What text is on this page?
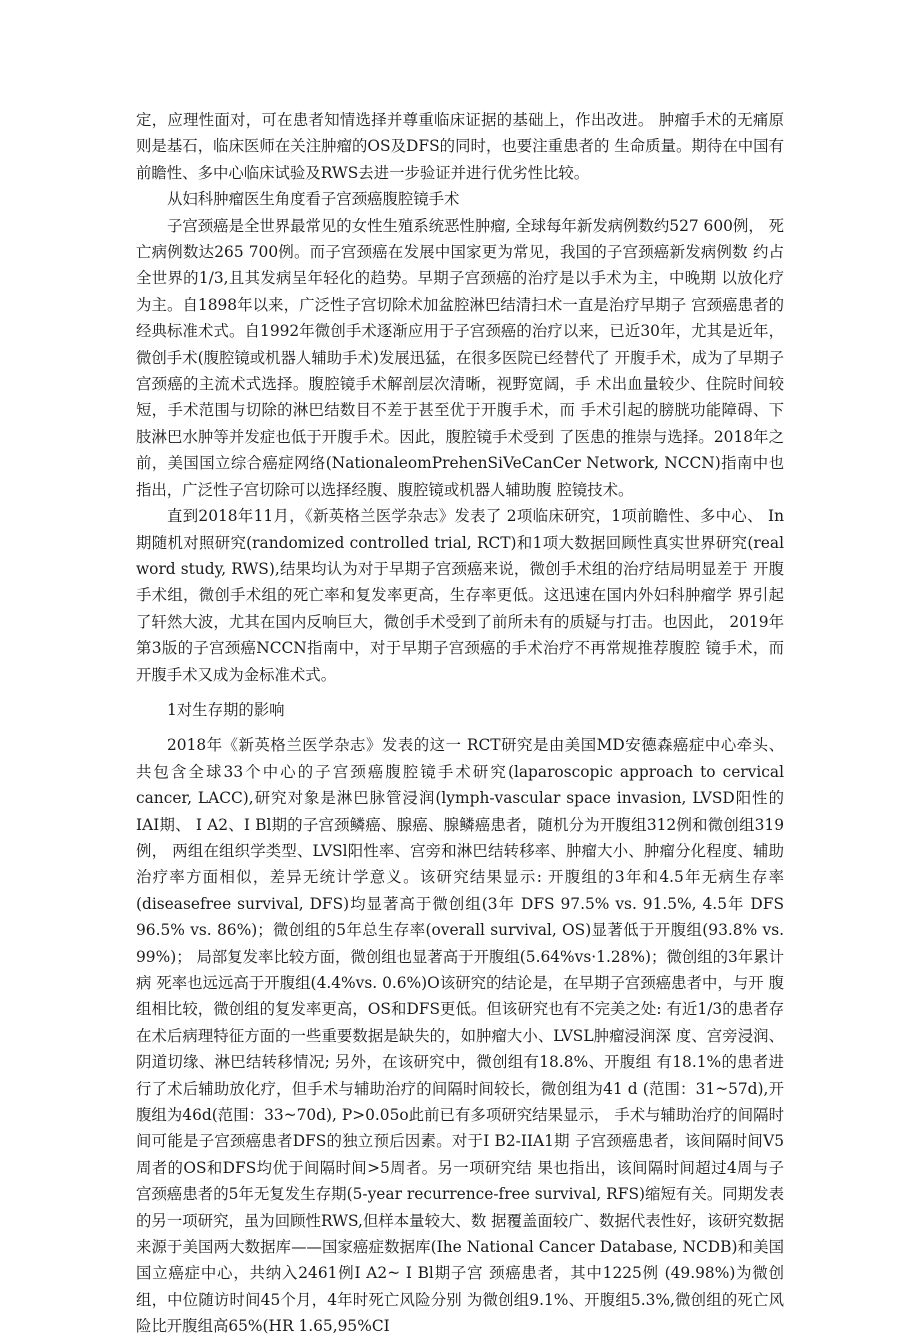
定，应理性面对，可在患者知情选择并尊重临床证据的基础上，作出改进。 肿瘤手术的无痛原则是基石，临床医师在关注肿瘤的OS及DFS的同时，也要注重患者的 生命质量。期待在中国有前瞻性、多中心临床试验及RWS去进一步验证并进行优劣性比较。

从妇科肿瘤医生角度看子宫颈癌腹腔镜手术

子宫颈癌是全世界最常见的女性生殖系统恶性肿瘤, 全球每年新发病例数约527 600例， 死亡病例数达265 700例。而子宫颈癌在发展中国家更为常见，我国的子宫颈癌新发病例数 约占全世界的1/3,且其发病呈年轻化的趋势。早期子宫颈癌的治疗是以手术为主，中晚期 以放化疗为主。自1898年以来，广泛性子宫切除术加盆腔淋巴结清扫术一直是治疗早期子 宫颈癌患者的经典标准术式。自1992年微创手术逐渐应用于子宫颈癌的治疗以来，已近30年，尤其是近年，微创手术(腹腔镜或机器人辅助手术)发展迅猛，在很多医院已经替代了 开腹手术，成为了早期子宫颈癌的主流术式选择。腹腔镜手术解剖层次清晰，视野宽阔，手 术出血量较少、住院时间较短，手术范围与切除的淋巴结数目不差于甚至优于开腹手术，而 手术引起的膀胱功能障碍、下肢淋巴水肿等并发症也低于开腹手术。因此，腹腔镜手术受到 了医患的推崇与选择。2018年之前，美国国立综合癌症网络(NationaleomPrehenSiVeCanCer Network, NCCN)指南中也指出，广泛性子宫切除可以选择经腹、腹腔镜或机器人辅助腹 腔镜技术。

直到2018年11月，《新英格兰医学杂志》发表了 2项临床研究，1项前瞻性、多中心、 In期随机对照研究(randomized controlled trial, RCT)和1项大数据回顾性真实世界研究(real word study, RWS),结果均认为对于早期子宫颈癌来说，微创手术组的治疗结局明显差于 开腹手术组，微创手术组的死亡率和复发率更高，生存率更低。这迅速在国内外妇科肿瘤学 界引起了轩然大波，尤其在国内反响巨大，微创手术受到了前所未有的质疑与打击。也因此， 2019年第3版的子宫颈癌NCCN指南中，对于早期子宫颈癌的手术治疗不再常规推荐腹腔 镜手术，而开腹手术又成为金标准术式。

1对生存期的影响

2018年《新英格兰医学杂志》发表的这一 RCT研究是由美国MD安德森癌症中心牵头、 共包含全球33个中心的子宫颈癌腹腔镜手术研究(laparoscopic approach to cervical cancer, LACC),研究对象是淋巴脉管浸润(lymph-vascular space invasion, LVSD阳性的IAI期、 I A2、I Bl期的子宫颈鳞癌、腺癌、腺鳞癌患者，随机分为开腹组312例和微创组319例， 两组在组织学类型、LVSl阳性率、宫旁和淋巴结转移率、肿瘤大小、肿瘤分化程度、辅助 治疗率方面相似，差异无统计学意义。该研究结果显示: 开腹组的3年和4.5年无病生存率 (diseasefree survival, DFS)均显著高于微创组(3年 DFS 97.5% vs. 91.5%, 4.5年 DFS 96.5% vs. 86%)；微创组的5年总生存率(overall survival, OS)显著低于开腹组(93.8% vs. 99%)； 局部复发率比较方面，微创组也显著高于开腹组(5.64%vs·1.28%)；微创组的3年累计病 死率也远远高于开腹组(4.4%vs. 0.6%)O该研究的结论是，在早期子宫颈癌患者中，与开 腹组相比较，微创组的复发率更高，OS和DFS更低。但该研究也有不完美之处: 有近1/3的患者存在术后病理特征方面的一些重要数据是缺失的，如肿瘤大小、LVSL肿瘤浸润深 度、宫旁浸润、阴道切缘、淋巴结转移情况; 另外，在该研究中，微创组有18.8%、开腹组 有18.1%的患者进行了术后辅助放化疗，但手术与辅助治疗的间隔时间较长，微创组为41 d (范围：31~57d),开腹组为46d(范围：33~70d), P>0.05o此前已有多项研究结果显示， 手术与辅助治疗的间隔时间可能是子宫颈癌患者DFS的独立预后因素。对于I B2-IIA1期 子宫颈癌患者，该间隔时间V5周者的OS和DFS均优于间隔时间>5周者。另一项研究结 果也指出，该间隔时间超过4周与子宫颈癌患者的5年无复发生存期(5-year recurrence-free survival, RFS)缩短有关。同期发表的另一项研究，虽为回顾性RWS,但样本量较大、数 据覆盖面较广、数据代表性好，该研究数据来源于美国两大数据库——国家癌症数据库(Ihe National Cancer Database, NCDB)和美国国立癌症中心，共纳入2461例I A2~ I Bl期子宫 颈癌患者，其中1225例 (49.98%)为微创组，中位随访时间45个月，4年时死亡风险分别 为微创组9.1%、开腹组5.3%,微创组的死亡风险比开腹组高65%(HR 1.65,95%CI
